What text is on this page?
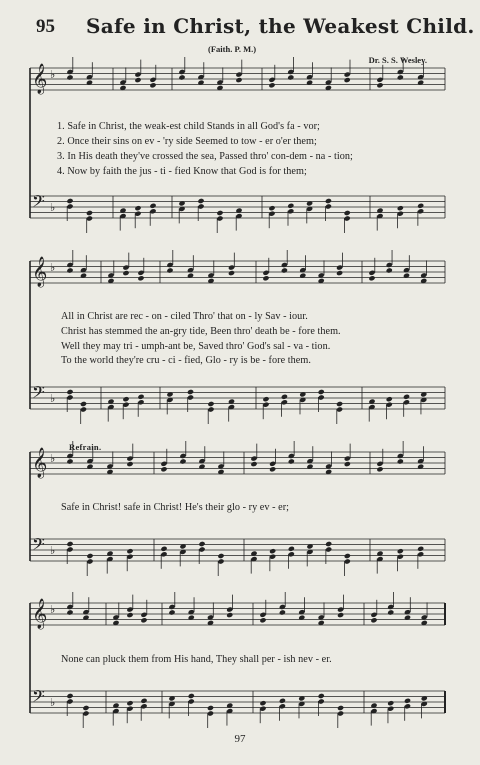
95 Safe in Christ, the Weakest Child.
(Faith. P. M.)
Dr. S. S. Wesley.
𝄞 ♭
𝄢 ♭
𝄞 ♭
𝄢 ♭
𝄞 ♭
𝄢 ♭
𝄞 ♭
𝄢 ♭
1. Safe in Christ, the weak-est child Stands in all God's fa - vor;
2. Once their sins on ev - 'ry side Seemed to tow - er o'er them;
3. In His death they've crossed the sea, Passed thro' con-dem - na - tion;
4. Now by faith the jus - ti - fied Know that God is for them;
All in Christ are rec - on - ciled Thro' that on - ly Sav - iour.
Christ has stemmed the an-gry tide, Been thro' death be - fore them.
Well they may tri - umph-ant be, Saved thro' God's sal - va - tion.
To the world they're cru - ci - fied, Glo - ry is be - fore them.
Refrain.
Safe in Christ! safe in Christ! He's their glo - ry ev - er;
None can pluck them from His hand, They shall per - ish nev - er.
97
